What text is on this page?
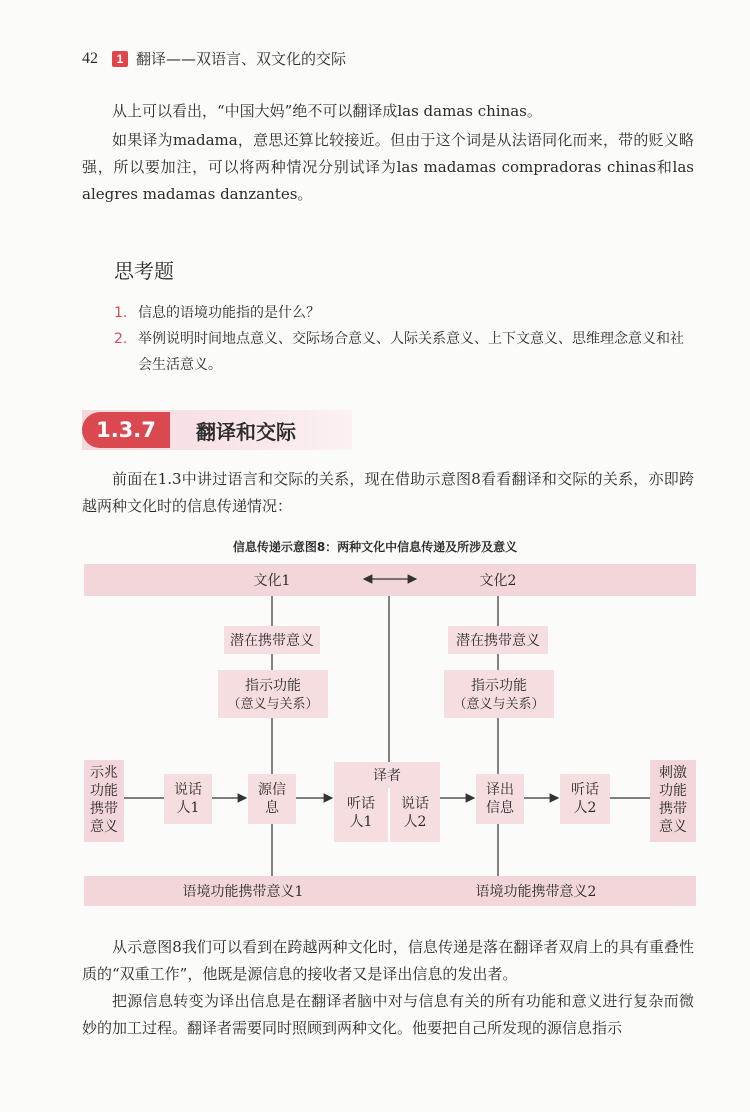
42	1 翻译——双语言、双文化的交际
从上可以看出，“中国大妈”绝不可以翻译成las damas chinas。
如果译为madama，意思还算比较接近。但由于这个词是从法语同化而来，带的贬义略强，所以要加注，可以将两种情况分别试译为las madamas compradoras chinas和las alegres madamas danzantes。
思考题
1. 信息的语境功能指的是什么？
2. 举例说明时间地点意义、交际场合意义、人际关系意义、上下文意义、思维理念意义和社会生活意义。
1.3.7	翻译和交际
前面在1.3中讲过语言和交际的关系，现在借助示意图8看看翻译和交际的关系，亦即跨越两种文化时的信息传递情况：
信息传递示意图8：两种文化中信息传递及所涉及意义
文化1	文化2
潜在携带意义	潜在携带意义
指示功能
（意义与关系）
指示功能
（意义与关系）
示兆
功能
携带
意义
说话
人1
源信
息
译者
听话
人1
说话
人2
译出
信息
听话
人2
刺激
功能
携带
意义
语境功能携带意义1	语境功能携带意义2
从示意图8我们可以看到在跨越两种文化时，信息传递是落在翻译者双肩上的具有重叠性质的“双重工作”，他既是源信息的接收者又是译出信息的发出者。
把源信息转变为译出信息是在翻译者脑中对与信息有关的所有功能和意义进行复杂而微妙的加工过程。翻译者需要同时照顾到两种文化。他要把自己所发现的源信息指示
